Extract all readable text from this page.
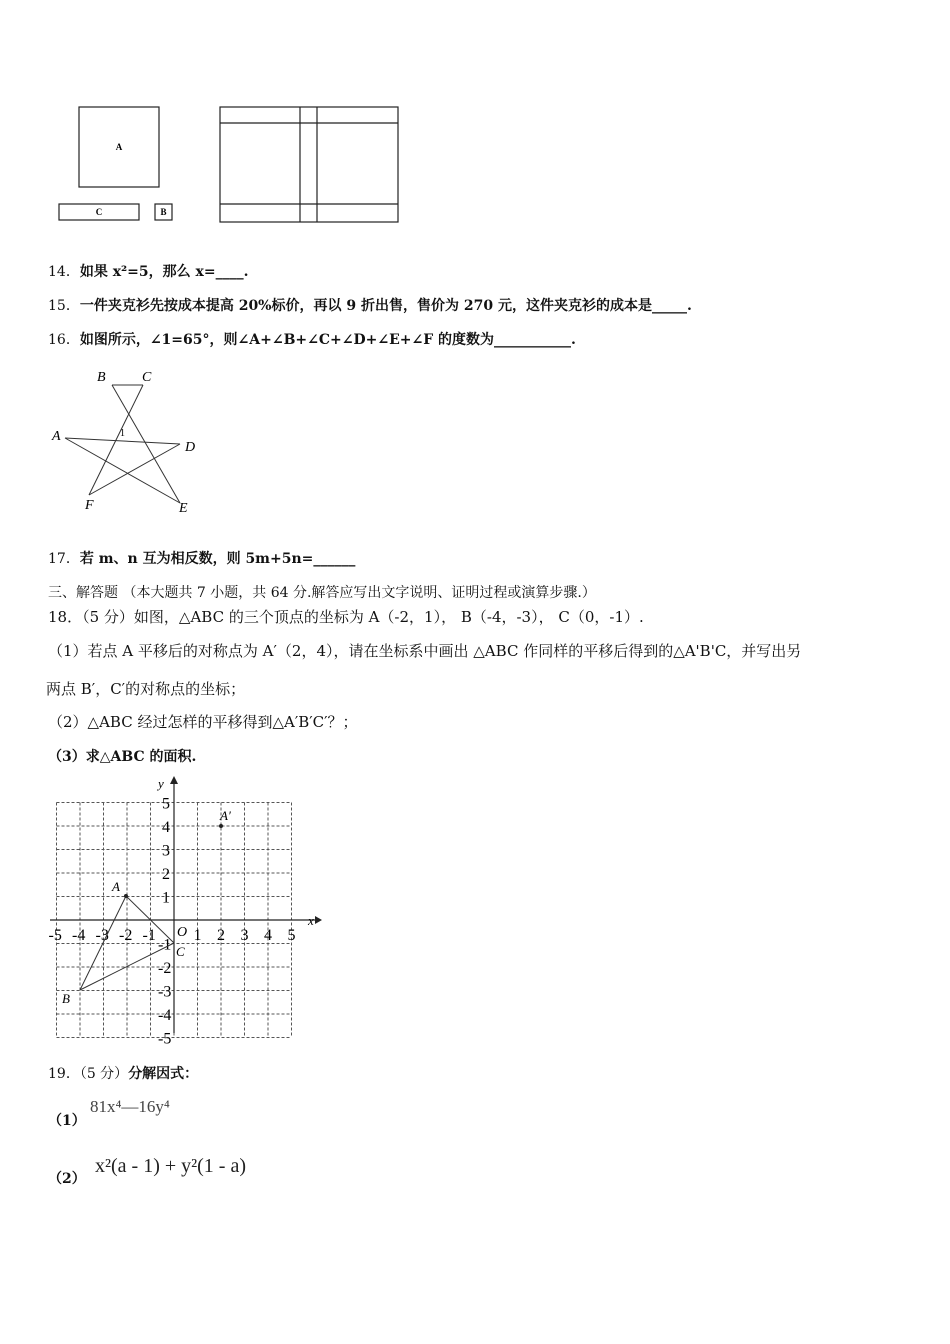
A
C	B
14．如果 x²=5，那么 x=____.
15．一件夹克衫先按成本提高 20%标价，再以 9 折出售，售价为 270 元，这件夹克衫的成本是_____.
16．如图所示，∠1=65°，则∠A+∠B+∠C+∠D+∠E+∠F 的度数为___________.
B	C
A
D
E
F
1
17．若 m、n 互为相反数，则 5m+5n=______
三、解答题 （本大题共 7 小题，共 64 分.解答应写出文字说明、证明过程或演算步骤.）
18．（5 分）如图，△ABC 的三个顶点的坐标为 A（-2，1）， B（-4，-3）， C（0，-1）.
（1）若点 A 平移后的对称点为 A′（2，4），请在坐标系中画出 △ABC 作同样的平移后得到的△A'B'C，并写出另
两点 B′，C′的对称点的坐标；
（2）△ABC 经过怎样的平移得到△A′B′C′？；
（3）求△ABC 的面积.
x
y
O
-5 -4 -3 -2 -1 1 2 3 4 5
5
4
3
2
1
-1
-2
-3
-4
-5
A
B
C
A′
19．（5 分）分解因式：
（1）
81x⁴—16y⁴
（2）
x²(a - 1) + y²(1 - a)
